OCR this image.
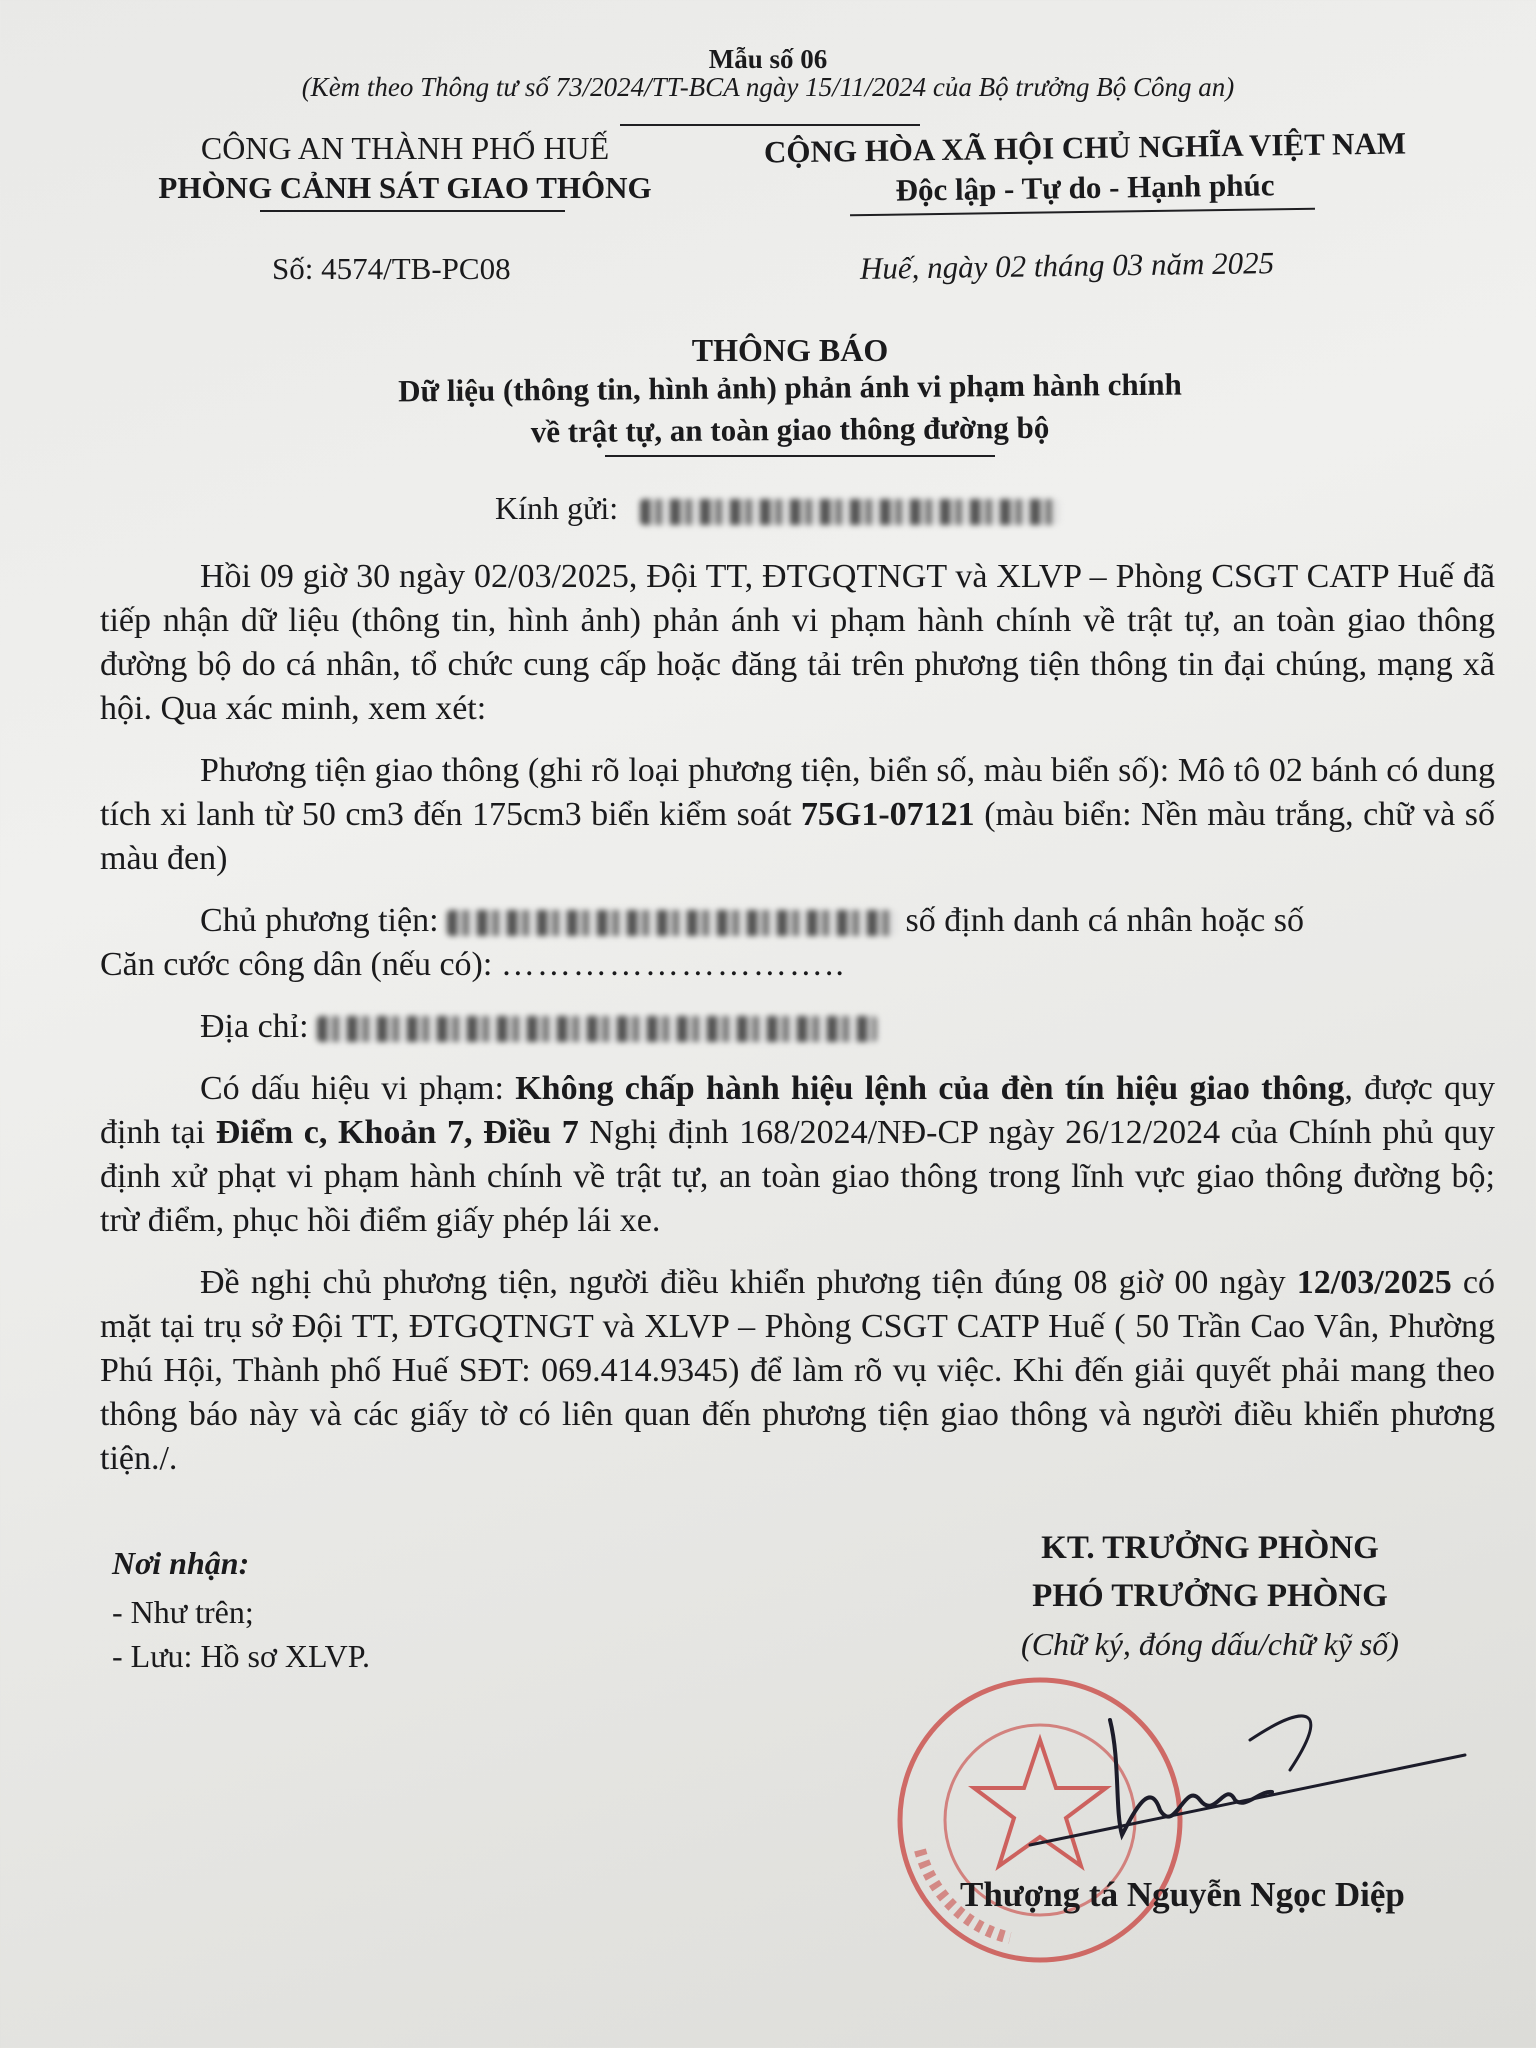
Mẫu số 06
(Kèm theo Thông tư số 73/2024/TT-BCA ngày 15/11/2024 của Bộ trưởng Bộ Công an)
CÔNG AN THÀNH PHỐ HUẾ
PHÒNG CẢNH SÁT GIAO THÔNG
Số: 4574/TB-PC08
CỘNG HÒA XÃ HỘI CHỦ NGHĨA VIỆT NAM
Độc lập - Tự do - Hạnh phúc
Huế, ngày 02 tháng 03 năm 2025
THÔNG BÁO
Dữ liệu (thông tin, hình ảnh) phản ánh vi phạm hành chính
về trật tự, an toàn giao thông đường bộ
Kính gửi:

Hồi 09 giờ 30 ngày 02/03/2025, Đội TT, ĐTGQTNGT và XLVP – Phòng CSGT CATP Huế đã tiếp nhận dữ liệu (thông tin, hình ảnh) phản ánh vi phạm hành chính về trật tự, an toàn giao thông đường bộ do cá nhân, tổ chức cung cấp hoặc đăng tải trên phương tiện thông tin đại chúng, mạng xã hội. Qua xác minh, xem xét:

Phương tiện giao thông (ghi rõ loại phương tiện, biển số, màu biển số): Mô tô 02 bánh có dung tích xi lanh từ 50 cm3 đến 175cm3 biển kiểm soát 75G1-07121 (màu biển: Nền màu trắng, chữ và số màu đen)

Chủ phương tiện:	số định danh cá nhân hoặc số
Căn cước công dân (nếu có): ………………………..

Địa chỉ:

Có dấu hiệu vi phạm: Không chấp hành hiệu lệnh của đèn tín hiệu giao thông, được quy định tại Điểm c, Khoản 7, Điều 7 Nghị định 168/2024/NĐ-CP ngày 26/12/2024 của Chính phủ quy định xử phạt vi phạm hành chính về trật tự, an toàn giao thông trong lĩnh vực giao thông đường bộ; trừ điểm, phục hồi điểm giấy phép lái xe.

Đề nghị chủ phương tiện, người điều khiển phương tiện đúng 08 giờ 00 ngày 12/03/2025 có mặt tại trụ sở Đội TT, ĐTGQTNGT và XLVP – Phòng CSGT CATP Huế ( 50 Trần Cao Vân, Phường Phú Hội, Thành phố Huế SĐT: 069.414.9345) để làm rõ vụ việc. Khi đến giải quyết phải mang theo thông báo này và các giấy tờ có liên quan đến phương tiện giao thông và người điều khiển phương tiện./.

Nơi nhận:
- Như trên;
- Lưu: Hồ sơ XLVP.
KT. TRƯỞNG PHÒNG
PHÓ TRƯỞNG PHÒNG
(Chữ ký, đóng dấu/chữ kỹ số)
Thượng tá Nguyễn Ngọc Diệp
